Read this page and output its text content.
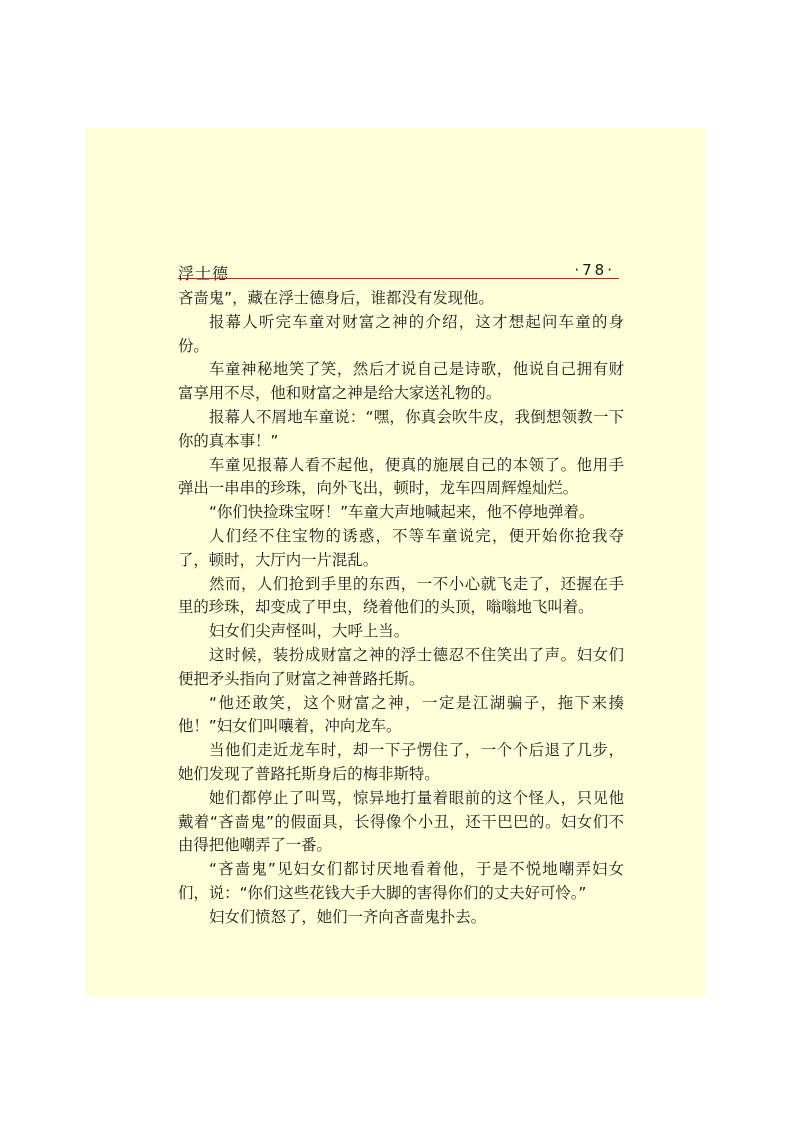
浮士德	·78·

吝啬鬼”，藏在浮士德身后，谁都没有发现他。

报幕人听完车童对财富之神的介绍，这才想起问车童的身份。

车童神秘地笑了笑，然后才说自己是诗歌，他说自己拥有财富享用不尽，他和财富之神是给大家送礼物的。

报幕人不屑地车童说：“嘿，你真会吹牛皮，我倒想领教一下你的真本事！”

车童见报幕人看不起他，便真的施展自己的本领了。他用手弹出一串串的珍珠，向外飞出，顿时，龙车四周辉煌灿烂。

“你们快捡珠宝呀！”车童大声地喊起来，他不停地弹着。

人们经不住宝物的诱惑，不等车童说完，便开始你抢我夺了，顿时，大厅内一片混乱。

然而，人们抢到手里的东西，一不小心就飞走了，还握在手里的珍珠，却变成了甲虫，绕着他们的头顶，嗡嗡地飞叫着。

妇女们尖声怪叫，大呼上当。

这时候，装扮成财富之神的浮士德忍不住笑出了声。妇女们便把矛头指向了财富之神普路托斯。

“他还敢笑，这个财富之神，一定是江湖骗子，拖下来揍他！”妇女们叫嚷着，冲向龙车。

当他们走近龙车时，却一下子愣住了，一个个后退了几步，她们发现了普路托斯身后的梅非斯特。

她们都停止了叫骂，惊异地打量着眼前的这个怪人，只见他戴着“吝啬鬼”的假面具，长得像个小丑，还干巴巴的。妇女们不由得把他嘲弄了一番。

“吝啬鬼”见妇女们都讨厌地看着他，于是不悦地嘲弄妇女们，说：“你们这些花钱大手大脚的害得你们的丈夫好可怜。”

妇女们愤怒了，她们一齐向吝啬鬼扑去。
